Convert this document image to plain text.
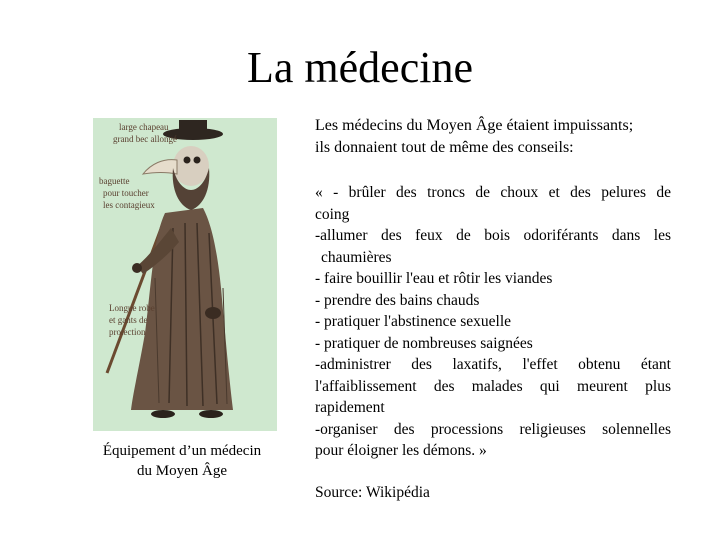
La médecine
large chapeau
grand bec allongé
baguette
pour toucher
les contagieux
Longue robe
et gants de
protection
Équipement d’un médecin
du Moyen Âge
Les médecins du Moyen Âge étaient impuissants;
ils donnaient tout de même des conseils:
« - brûler des troncs de choux et des pelures de
coing
-allumer des feux de bois odoriférants dans les
chaumières
- faire bouillir l'eau et rôtir les viandes
- prendre des bains chauds
- pratiquer l'abstinence sexuelle
- pratiquer de nombreuses saignées
-administrer des laxatifs, l'effet obtenu étant
l'affaiblissement des malades qui meurent plus
rapidement
-organiser des processions religieuses solennelles
pour éloigner les démons. »
Source: Wikipédia
